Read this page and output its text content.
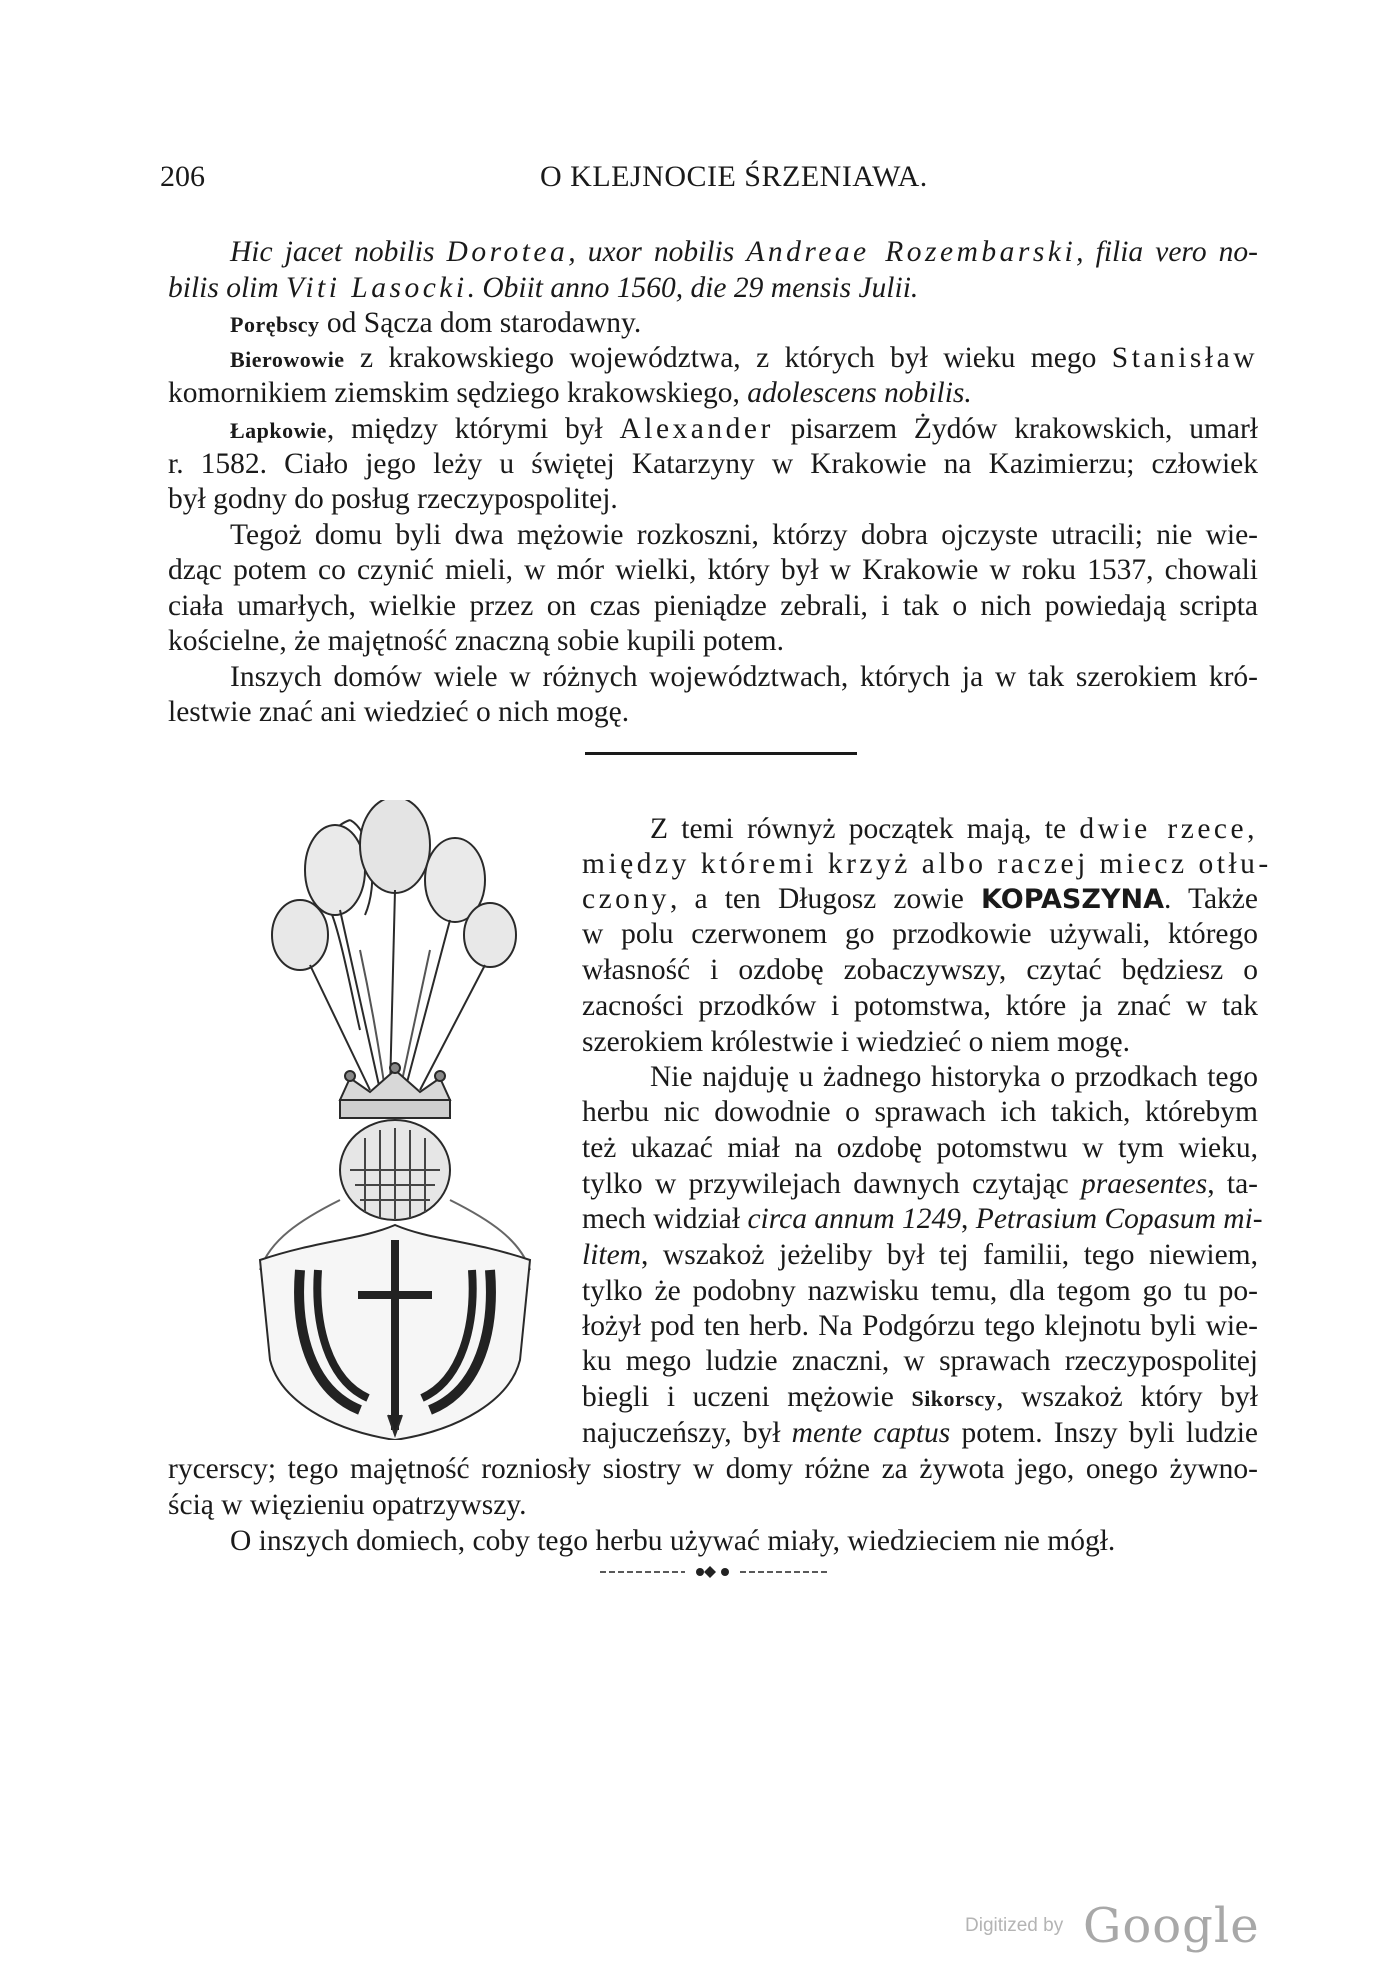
206	O KLEJNOCIE ŚRZENIAWA.
Hic jacet nobilis Dorotea, uxor nobilis Andreae Rozembarski, filia vero no-
bilis olim Viti Lasocki. Obiit anno 1560, die 29 mensis Julii.
Porębscy od Sącza dom starodawny.
Bierowowie z krakowskiego województwa, z których był wieku mego Stanisław
komornikiem ziemskim sędziego krakowskiego, adolescens nobilis.
Łapkowie, między którymi był Alexander pisarzem Żydów krakowskich, umarł
r. 1582. Ciało jego leży u świętej Katarzyny w Krakowie na Kazimierzu; człowiek
był godny do posług rzeczypospolitej.
Tegoż domu byli dwa mężowie rozkoszni, którzy dobra ojczyste utracili; nie wie-
dząc potem co czynić mieli, w mór wielki, który był w Krakowie w roku 1537, chowali
ciała umarłych, wielkie przez on czas pieniądze zebrali, i tak o nich powiedają scripta
kościelne, że majętność znaczną sobie kupili potem.
Inszych domów wiele w różnych województwach, których ja w tak szerokiem kró-
lestwie znać ani wiedzieć o nich mogę.
Z temi równyż początek mają, te dwie rzece,
między któremi krzyż albo raczej miecz otłu-
czony, a ten Długosz zowie KOPASZYNA. Także
w polu czerwonem go przodkowie używali, którego
własność i ozdobę zobaczywszy, czytać będziesz o
zacności przodków i potomstwa, które ja znać w tak
szerokiem królestwie i wiedzieć o niem mogę.
Nie najduję u żadnego historyka o przodkach tego
herbu nic dowodnie o sprawach ich takich, którebym
też ukazać miał na ozdobę potomstwu w tym wieku,
tylko w przywilejach dawnych czytając praesentes, ta-
mech widział circa annum 1249, Petrasium Copasum mi-
litem, wszakoż jeżeliby był tej familii, tego niewiem,
tylko że podobny nazwisku temu, dla tegom go tu po-
łożył pod ten herb. Na Podgórzu tego klejnotu byli wie-
ku mego ludzie znaczni, w sprawach rzeczypospolitej
biegli i uczeni mężowie Sikorscy, wszakoż który był
najuczeńszy, był mente captus potem. Inszy byli ludzie
rycerscy; tego majętność rozniosły siostry w domy różne za żywota jego, onego żywno-
ścią w więzieniu opatrzywszy.
O inszych domiech, coby tego herbu używać miały, wiedzieciem nie mógł.
Digitized by Google
